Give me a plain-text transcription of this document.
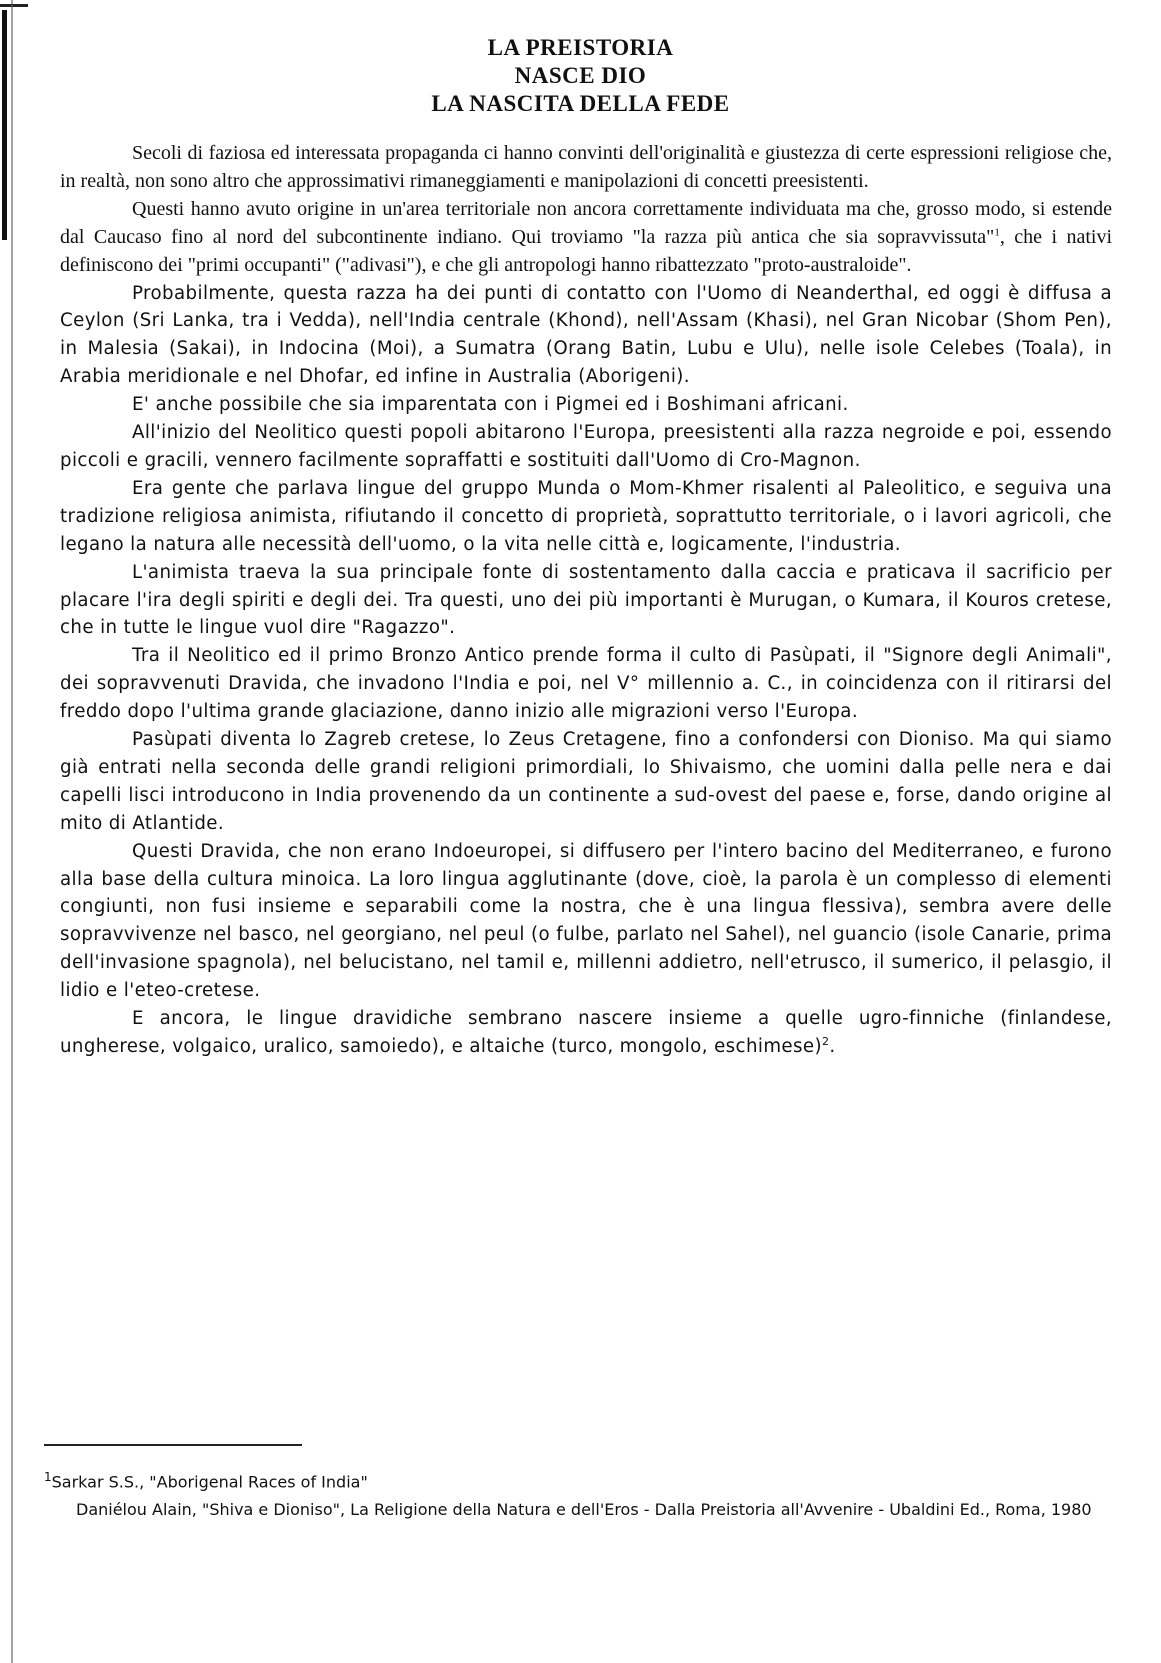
LA PREISTORIA
NASCE DIO
LA NASCITA DELLA FEDE

Secoli di faziosa ed interessata propaganda ci hanno convinti dell'originalità e giustezza di certe espressioni religiose che, in realtà, non sono altro che approssimativi rimaneggiamenti e manipolazioni di concetti preesistenti.

Questi hanno avuto origine in un'area territoriale non ancora correttamente individuata ma che, grosso modo, si estende dal Caucaso fino al nord del subcontinente indiano. Qui troviamo "la razza più antica che sia sopravvissuta"$^1$, che i nativi definiscono dei "primi occupanti" ("adivasi"), e che gli antropologi hanno ribattezzato "proto-australoide".

Probabilmente, questa razza ha dei punti di contatto con l'Uomo di Neanderthal, ed oggi è diffusa a Ceylon (Sri Lanka, tra i Vedda), nell'India centrale (Khond), nell'Assam (Khasi), nel Gran Nicobar (Shom Pen), in Malesia (Sakai), in Indocina (Moi), a Sumatra (Orang Batin, Lubu e Ulu), nelle isole Celebes (Toala), in Arabia meridionale e nel Dhofar, ed infine in Australia (Aborigeni).

E' anche possibile che sia imparentata con i Pigmei ed i Boshimani africani.

All'inizio del Neolitico questi popoli abitarono l'Europa, preesistenti alla razza negroide e poi, essendo piccoli e gracili, vennero facilmente sopraffatti e sostituiti dall'Uomo di Cro-Magnon.

Era gente che parlava lingue del gruppo Munda o Mom-Khmer risalenti al Paleolitico, e seguiva una tradizione religiosa animista, rifiutando il concetto di proprietà, soprattutto territoriale, o i lavori agricoli, che legano la natura alle necessità dell'uomo, o la vita nelle città e, logicamente, l'industria.

L'animista traeva la sua principale fonte di sostentamento dalla caccia e praticava il sacrificio per placare l'ira degli spiriti e degli dei. Tra questi, uno dei più importanti è Murugan, o Kumara, il Kouros cretese, che in tutte le lingue vuol dire "Ragazzo".

Tra il Neolitico ed il primo Bronzo Antico prende forma il culto di Pasùpati, il "Signore degli Animali", dei sopravvenuti Dravida, che invadono l'India e poi, nel V° millennio a. C., in coincidenza con il ritirarsi del freddo dopo l'ultima grande glaciazione, danno inizio alle migrazioni verso l'Europa.

Pasùpati diventa lo Zagreb cretese, lo Zeus Cretagene, fino a confondersi con Dioniso. Ma qui siamo già entrati nella seconda delle grandi religioni primordiali, lo Shivaismo, che uomini dalla pelle nera e dai capelli lisci introducono in India provenendo da un continente a sud-ovest del paese e, forse, dando origine al mito di Atlantide.

Questi Dravida, che non erano Indoeuropei, si diffusero per l'intero bacino del Mediterraneo, e furono alla base della cultura minoica. La loro lingua agglutinante (dove, cioè, la parola è un complesso di elementi congiunti, non fusi insieme e separabili come la nostra, che è una lingua flessiva), sembra avere delle sopravvivenze nel basco, nel georgiano, nel peul (o fulbe, parlato nel Sahel), nel guancio (isole Canarie, prima dell'invasione spagnola), nel belucistano, nel tamil e, millenni addietro, nell'etrusco, il sumerico, il pelasgio, il lidio e l'eteo-cretese.

E ancora, le lingue dravidiche sembrano nascere insieme a quelle ugro-finniche (finlandese, ungherese, volgaico, uralico, samoiedo), e altaiche (turco, mongolo, eschimese)$^2$.

$^1$Sarkar S.S., "Aborigenal Races of India"

Daniélou Alain, "Shiva e Dioniso", La Religione della Natura e dell'Eros - Dalla Preistoria all'Avvenire - Ubaldini Ed., Roma, 1980
